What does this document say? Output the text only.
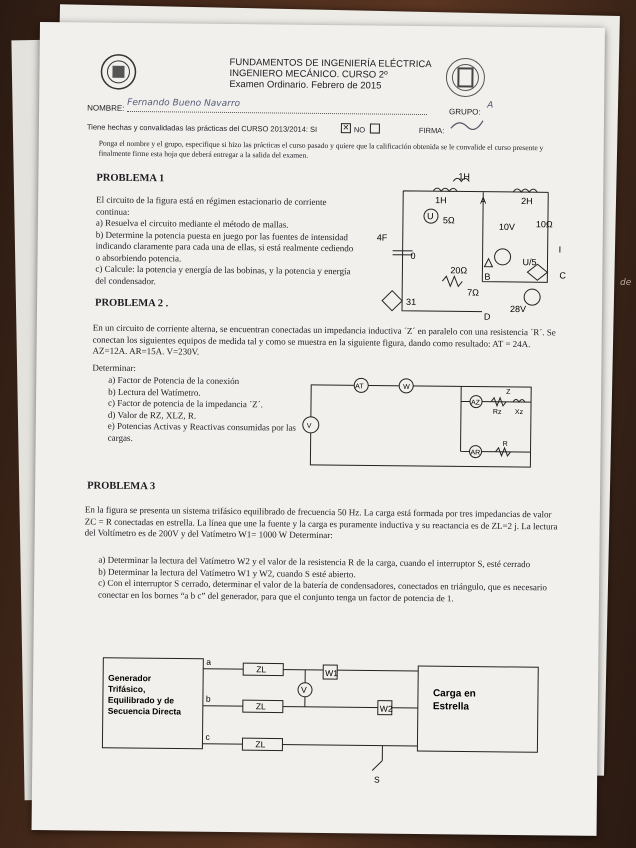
FUNDAMENTOS DE INGENIERÍA ELÉCTRICA
INGENIERO MECÁNICO. CURSO 2º
Examen Ordinario. Febrero de 2015
NOMBRE: Fernando Bueno Navarro
GRUPO:
A
Tiene hechas y convalidadas las prácticas del CURSO 2013/2014: SI	✕ NO	FIRMA:
Ponga el nombre y el grupo, especifique si hizo las prácticas el curso pasado y quiere que la calificación obtenida se le convalide el curso presente y finalmente firme esta hoja que deberá entregar a la salida del examen.
PROBLEMA 1
El circuito de la figura está en régimen estacionario de corriente continua:
a) Resuelva el circuito mediante el método de mallas.
b) Determine la potencia puesta en juego por las fuentes de intensidad indicando claramente para cada una de ellas, si está realmente cediendo o absorbiendo potencia.
c) Calcule: la potencia y energía de las bobinas, y la potencia y energía del condensador.
1H
1H	2H
A
5Ω
10V 10Ω
U
4F
0
20Ω
B
U/5
I
C
7Ω
31
28V
D
PROBLEMA 2 .
En un circuito de corriente alterna, se encuentran conectadas un impedancia inductiva ´Z´ en paralelo con una resistencia ´R´. Se conectan los siguientes equipos de medida tal y como se muestra en la siguiente figura, dando como resultado: AT = 24A. AZ=12A. AR=15A. V=230V.
Determinar:
a) Factor de Potencia de la conexión
b) Lectura del Watímetro.
c) Factor de potencia de la impedancia ´Z´.
d) Valor de RZ, XLZ, R.
e) Potencias Activas y Reactivas consumidas por las cargas.
V
AT	W
AZ
AR
Z
Rz Xz
R
PROBLEMA 3
En la figura se presenta un sistema trifásico equilibrado de frecuencia 50 Hz. La carga está formada por tres impedancias de valor ZC = R conectadas en estrella. La línea que une la fuente y la carga es puramente inductiva y su reactancia es de ZL=2 j. La lectura del Voltímetro es de 200V y del Vatímetro W1= 1000 W Determinar:
a) Determinar la lectura del Vatímetro W2 y el valor de la resistencia R de la carga, cuando el interruptor S, esté cerrado
b) Determinar la lectura del Vatímetro W1 y W2, cuando S esté abierto.
c) Con el interruptor S cerrado, determinar el valor de la batería de condensadores, conectados en triángulo, que es necesario conectar en los bornes “a b c” del generador, para que el conjunto tenga un factor de potencia de 1.
Generador
Trifásico,
Equilibrado y de
Secuencia Directa
a
b
c
ZL
ZL
ZL
V
W1
W2
Carga en
Estrella
S
de
